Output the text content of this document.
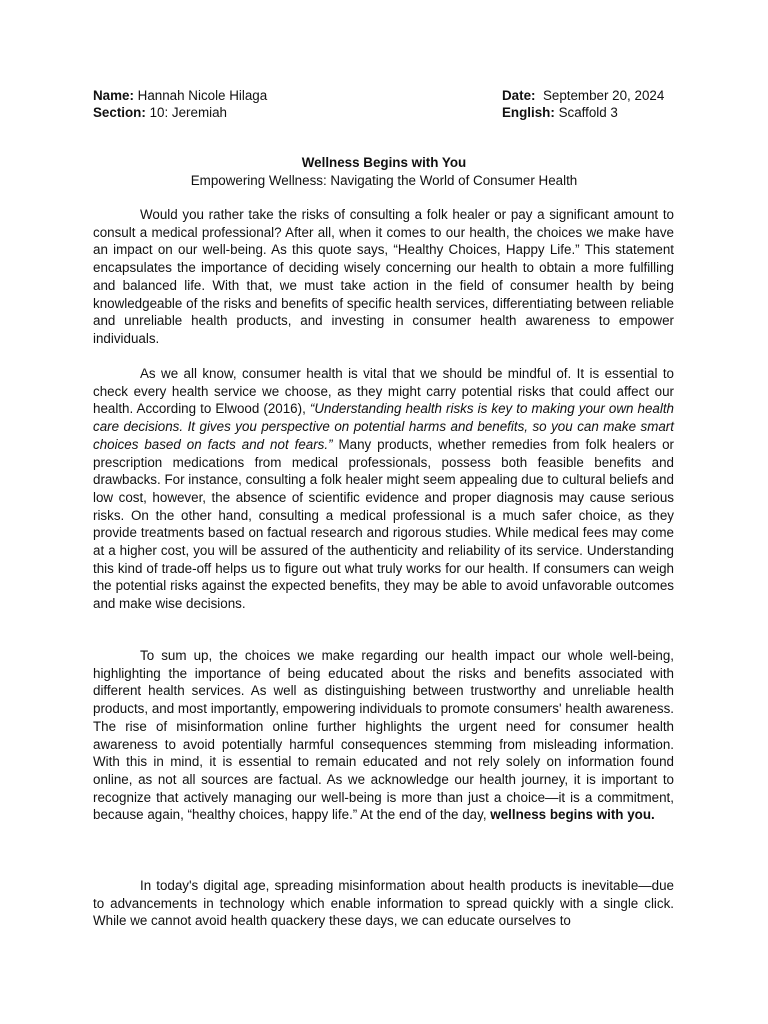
Name: Hannah Nicole Hilaga
Section: 10: Jeremiah
Date: September 20, 2024
English: Scaffold 3
Wellness Begins with You
Empowering Wellness: Navigating the World of Consumer Health

Would you rather take the risks of consulting a folk healer or pay a significant amount to consult a medical professional? After all, when it comes to our health, the choices we make have an impact on our well-being. As this quote says, “Healthy Choices, Happy Life.” This statement encapsulates the importance of deciding wisely concerning our health to obtain a more fulfilling and balanced life. With that, we must take action in the field of consumer health by being knowledgeable of the risks and benefits of specific health services, differentiating between reliable and unreliable health products, and investing in consumer health awareness to empower individuals.

As we all know, consumer health is vital that we should be mindful of. It is essential to check every health service we choose, as they might carry potential risks that could affect our health. According to Elwood (2016), “Understanding health risks is key to making your own health care decisions. It gives you perspective on potential harms and benefits, so you can make smart choices based on facts and not fears.” Many products, whether remedies from folk healers or prescription medications from medical professionals, possess both feasible benefits and drawbacks. For instance, consulting a folk healer might seem appealing due to cultural beliefs and low cost, however, the absence of scientific evidence and proper diagnosis may cause serious risks. On the other hand, consulting a medical professional is a much safer choice, as they provide treatments based on factual research and rigorous studies. While medical fees may come at a higher cost, you will be assured of the authenticity and reliability of its service. Understanding this kind of trade-off helps us to figure out what truly works for our health. If consumers can weigh the potential risks against the expected benefits, they may be able to avoid unfavorable outcomes and make wise decisions.

To sum up, the choices we make regarding our health impact our whole well-being, highlighting the importance of being educated about the risks and benefits associated with different health services. As well as distinguishing between trustworthy and unreliable health products, and most importantly, empowering individuals to promote consumers' health awareness. The rise of misinformation online further highlights the urgent need for consumer health awareness to avoid potentially harmful consequences stemming from misleading information. With this in mind, it is essential to remain educated and not rely solely on information found online, as not all sources are factual. As we acknowledge our health journey, it is important to recognize that actively managing our well-being is more than just a choice—it is a commitment, because again, “healthy choices, happy life.” At the end of the day, wellness begins with you.

In today's digital age, spreading misinformation about health products is inevitable—due to advancements in technology which enable information to spread quickly with a single click. While we cannot avoid health quackery these days, we can educate ourselves to
